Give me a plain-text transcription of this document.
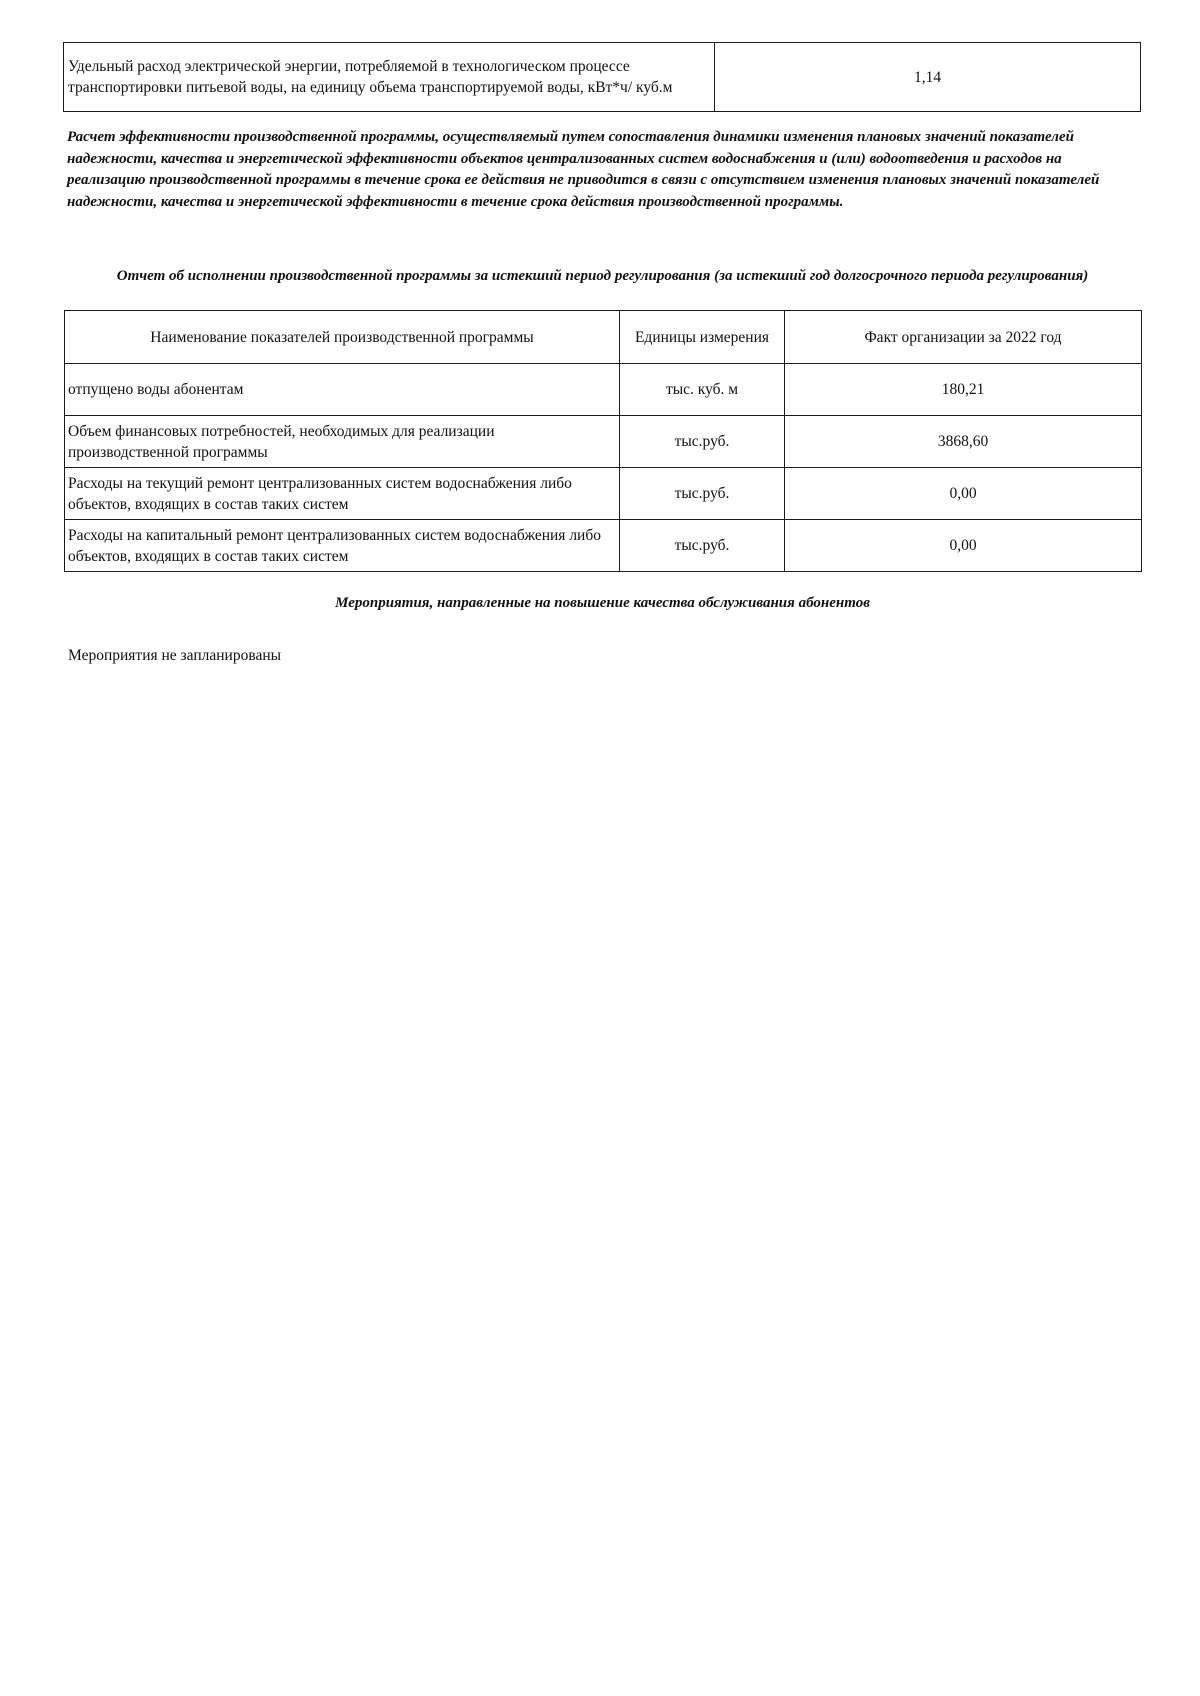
Удельный расход электрической энергии, потребляемой в технологическом процессе транспортировки питьевой воды, на единицу объема транспортируемой воды, кВт*ч/ куб.м	1,14

Расчет эффективности производственной программы, осуществляемый путем сопоставления динамики изменения плановых значений показателей надежности, качества и энергетической эффективности объектов централизованных систем водоснабжения и (или) водоотведения и расходов на реализацию производственной программы в течение срока ее действия не приводится в связи с отсутствием изменения плановых значений показателей надежности, качества и энергетической эффективности в течение срока действия производственной программы.

Отчет об исполнении производственной программы за истекший период регулирования (за истекший год долгосрочного периода регулирования)

Наименование показателей производственной программы	Единицы измерения	Факт организации за 2022 год
отпущено воды абонентам	тыс. куб. м	180,21
Объем финансовых потребностей, необходимых для реализации производственной программы	тыс.руб.	3868,60
Расходы на текущий ремонт централизованных систем водоснабжения либо объектов, входящих в состав таких систем	тыс.руб.	0,00
Расходы на капитальный ремонт централизованных систем водоснабжения либо объектов, входящих в состав таких систем	тыс.руб.	0,00

Мероприятия, направленные на повышение качества обслуживания абонентов

Мероприятия не запланированы
